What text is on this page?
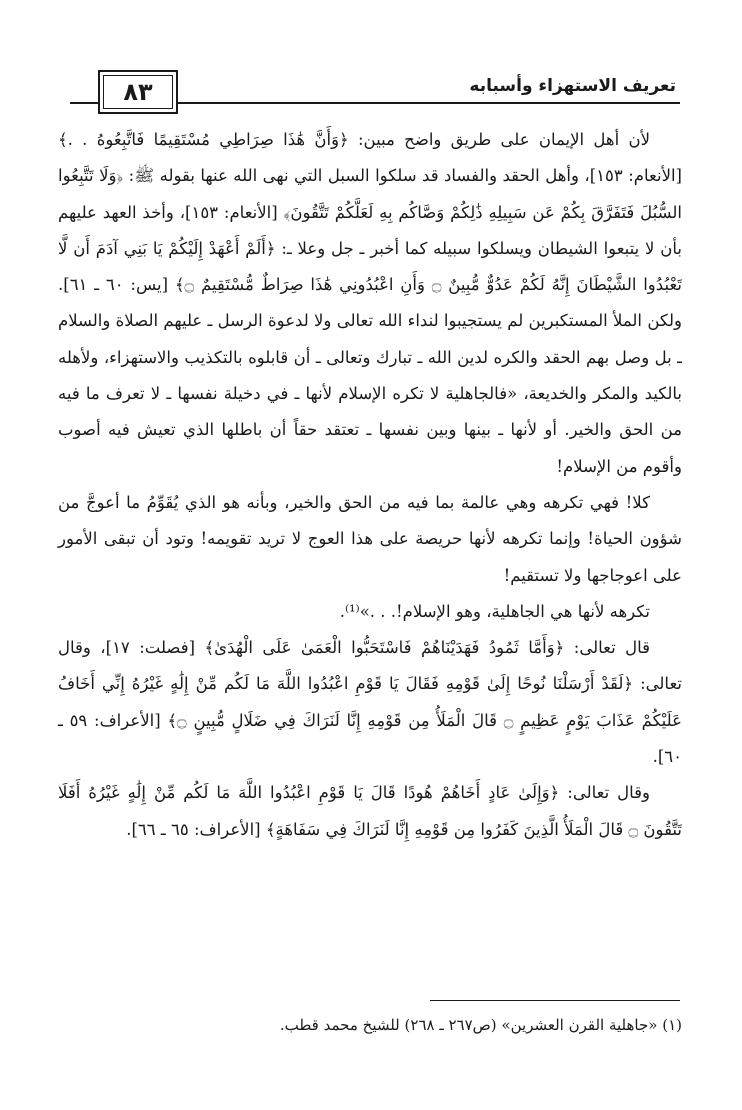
٨٣	تعريف الاستهزاء وأسبابه

لأن أهل الإيمان على طريق واضح مبين: ﴿وَأَنَّ هَٰذَا صِرَاطِي مُسْتَقِيمًا فَاتَّبِعُوهُ . .﴾ [الأنعام: ١٥٣]، وأهل الحقد والفساد قد سلكوا السبل التي نهى الله عنها بقوله ﷺ: ﴿وَلَا تَتَّبِعُوا السُّبُلَ فَتَفَرَّقَ بِكُمْ عَن سَبِيلِهِ ذَٰلِكُمْ وَصَّاكُم بِهِ لَعَلَّكُمْ تَتَّقُونَ﴾ [الأنعام: ١٥٣]، وأخذ العهد عليهم بأن لا يتبعوا الشيطان ويسلكوا سبيله كما أخبر ـ جل وعلا ـ: ﴿أَلَمْ أَعْهَدْ إِلَيْكُمْ يَا بَنِي آدَمَ أَن لَّا تَعْبُدُوا الشَّيْطَانَ إِنَّهُ لَكُمْ عَدُوٌّ مُّبِينٌ ۝ وَأَنِ اعْبُدُونِي هَٰذَا صِرَاطٌ مُّسْتَقِيمٌ ۝﴾ [يس: ٦٠ ـ ٦١]. ولكن الملأ المستكبرين لم يستجيبوا لنداء الله تعالى ولا لدعوة الرسل ـ عليهم الصلاة والسلام ـ بل وصل بهم الحقد والكره لدين الله ـ تبارك وتعالى ـ أن قابلوه بالتكذيب والاستهزاء، ولأهله بالكيد والمكر والخديعة، «فالجاهلية لا تكره الإسلام لأنها ـ في دخيلة نفسها ـ لا تعرف ما فيه من الحق والخير. أو لأنها ـ بينها وبين نفسها ـ تعتقد حقاً أن باطلها الذي تعيش فيه أصوب وأقوم من الإسلام!

كلا! فهي تكرهه وهي عالمة بما فيه من الحق والخير، وبأنه هو الذي يُقَوِّمُ ما أعوجَّ من شؤون الحياة! وإنما تكرهه لأنها حريصة على هذا العوج لا تريد تقويمه! وتود أن تبقى الأمور على اعوجاجها ولا تستقيم!

تكرهه لأنها هي الجاهلية، وهو الإسلام!. . .»⁽¹⁾.

قال تعالى: ﴿وَأَمَّا ثَمُودُ فَهَدَيْنَاهُمْ فَاسْتَحَبُّوا الْعَمَىٰ عَلَى الْهُدَىٰ﴾ [فصلت: ١٧]، وقال تعالى: ﴿لَقَدْ أَرْسَلْنَا نُوحًا إِلَىٰ قَوْمِهِ فَقَالَ يَا قَوْمِ اعْبُدُوا اللَّهَ مَا لَكُم مِّنْ إِلَٰهٍ غَيْرُهُ إِنِّي أَخَافُ عَلَيْكُمْ عَذَابَ يَوْمٍ عَظِيمٍ ۝ قَالَ الْمَلَأُ مِن قَوْمِهِ إِنَّا لَنَرَاكَ فِي ضَلَالٍ مُّبِينٍ ۝﴾ [الأعراف: ٥٩ ـ ٦٠].

وقال تعالى: ﴿وَإِلَىٰ عَادٍ أَخَاهُمْ هُودًا قَالَ يَا قَوْمِ اعْبُدُوا اللَّهَ مَا لَكُم مِّنْ إِلَٰهٍ غَيْرُهُ أَفَلَا تَتَّقُونَ ۝ قَالَ الْمَلَأُ الَّذِينَ كَفَرُوا مِن قَوْمِهِ إِنَّا لَنَرَاكَ فِي سَفَاهَةٍ﴾ [الأعراف: ٦٥ ـ ٦٦].

(١) «جاهلية القرن العشرين» (ص٢٦٧ ـ ٢٦٨) للشيخ محمد قطب.
